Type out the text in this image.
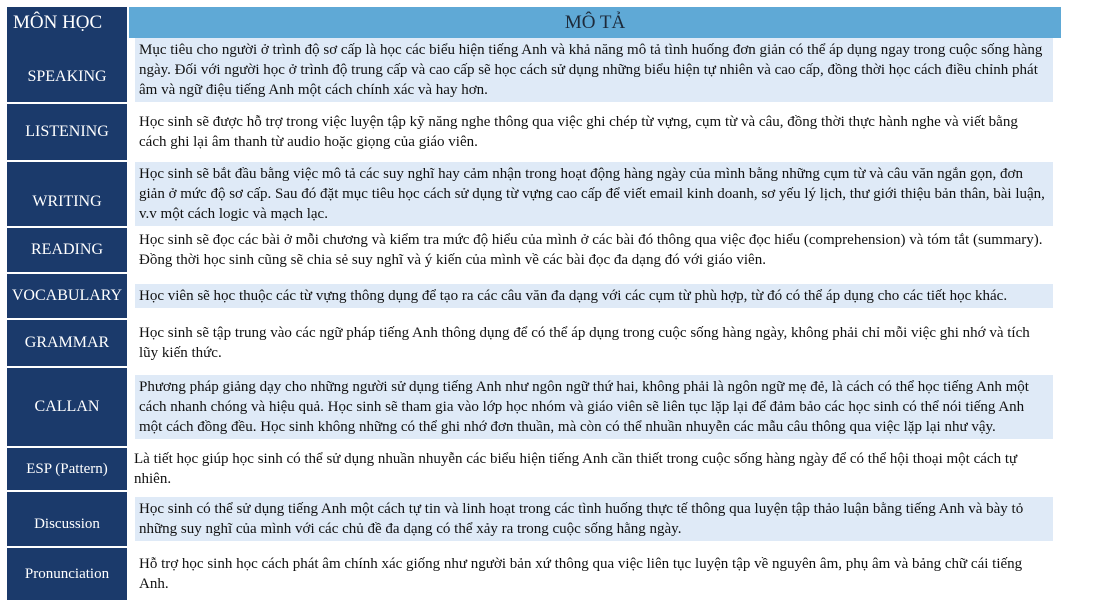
MÔN HỌC	MÔ TẢ
SPEAKING
Mục tiêu cho người ở trình độ sơ cấp là học các biểu hiện tiếng Anh và khả năng mô tả tình huống đơn giản có thể áp dụng ngay trong cuộc sống hàng ngày. Đối với người học ở trình độ trung cấp và cao cấp sẽ học cách sử dụng những biểu hiện tự nhiên và cao cấp, đồng thời học cách điều chỉnh phát âm và ngữ điệu tiếng Anh một cách chính xác và hay hơn.
LISTENING
Học sinh sẽ được hỗ trợ trong việc luyện tập kỹ năng nghe thông qua việc ghi chép từ vựng, cụm từ và câu, đồng thời thực hành nghe và viết bằng cách ghi lại âm thanh từ audio hoặc giọng của giáo viên.
WRITING
Học sinh sẽ bắt đầu bằng việc mô tả các suy nghĩ hay cảm nhận trong hoạt động hàng ngày của mình bằng những cụm từ và câu văn ngắn gọn, đơn giản ở mức độ sơ cấp. Sau đó đặt mục tiêu học cách sử dụng từ vựng cao cấp để viết email kinh doanh, sơ yếu lý lịch, thư giới thiệu bản thân, bài luận, v.v một cách logic và mạch lạc.
READING
Học sinh sẽ đọc các bài ở mỗi chương và kiểm tra mức độ hiểu của mình ở các bài đó thông qua việc đọc hiểu (comprehension) và tóm tắt (summary). Đồng thời học sinh cũng sẽ chia sẻ suy nghĩ và ý kiến của mình về các bài đọc đa dạng đó với giáo viên.
VOCABULARY	Học viên sẽ học thuộc các từ vựng thông dụng để tạo ra các câu văn đa dạng với các cụm từ phù hợp, từ đó có thể áp dụng cho các tiết học khác.
GRAMMAR
Học sinh sẽ tập trung vào các ngữ pháp tiếng Anh thông dụng để có thể áp dụng trong cuộc sống hàng ngày, không phải chỉ mỗi việc ghi nhớ và tích lũy kiến thức.
CALLAN
Phương pháp giảng dạy cho những người sử dụng tiếng Anh như ngôn ngữ thứ hai, không phải là ngôn ngữ mẹ đẻ, là cách có thể học tiếng Anh một cách nhanh chóng và hiệu quả. Học sinh sẽ tham gia vào lớp học nhóm và giáo viên sẽ liên tục lặp lại để đảm bảo các học sinh có thể nói tiếng Anh một cách đồng đều. Học sinh không những có thể ghi nhớ đơn thuần, mà còn có thể nhuần nhuyễn các mẫu câu thông qua việc lặp lại như vậy.
ESP (Pattern)
Là tiết học giúp học sinh có thể sử dụng nhuần nhuyễn các biểu hiện tiếng Anh cần thiết trong cuộc sống hàng ngày để có thể hội thoại một cách tự nhiên.
Discussion
Học sinh có thể sử dụng tiếng Anh một cách tự tin và linh hoạt trong các tình huống thực tế thông qua luyện tập thảo luận bằng tiếng Anh và bày tỏ những suy nghĩ của mình với các chủ đề đa dạng có thể xảy ra trong cuộc sống hằng ngày.
Pronunciation
Hỗ trợ học sinh học cách phát âm chính xác giống như người bản xứ thông qua việc liên tục luyện tập về nguyên âm, phụ âm và bảng chữ cái tiếng Anh.
